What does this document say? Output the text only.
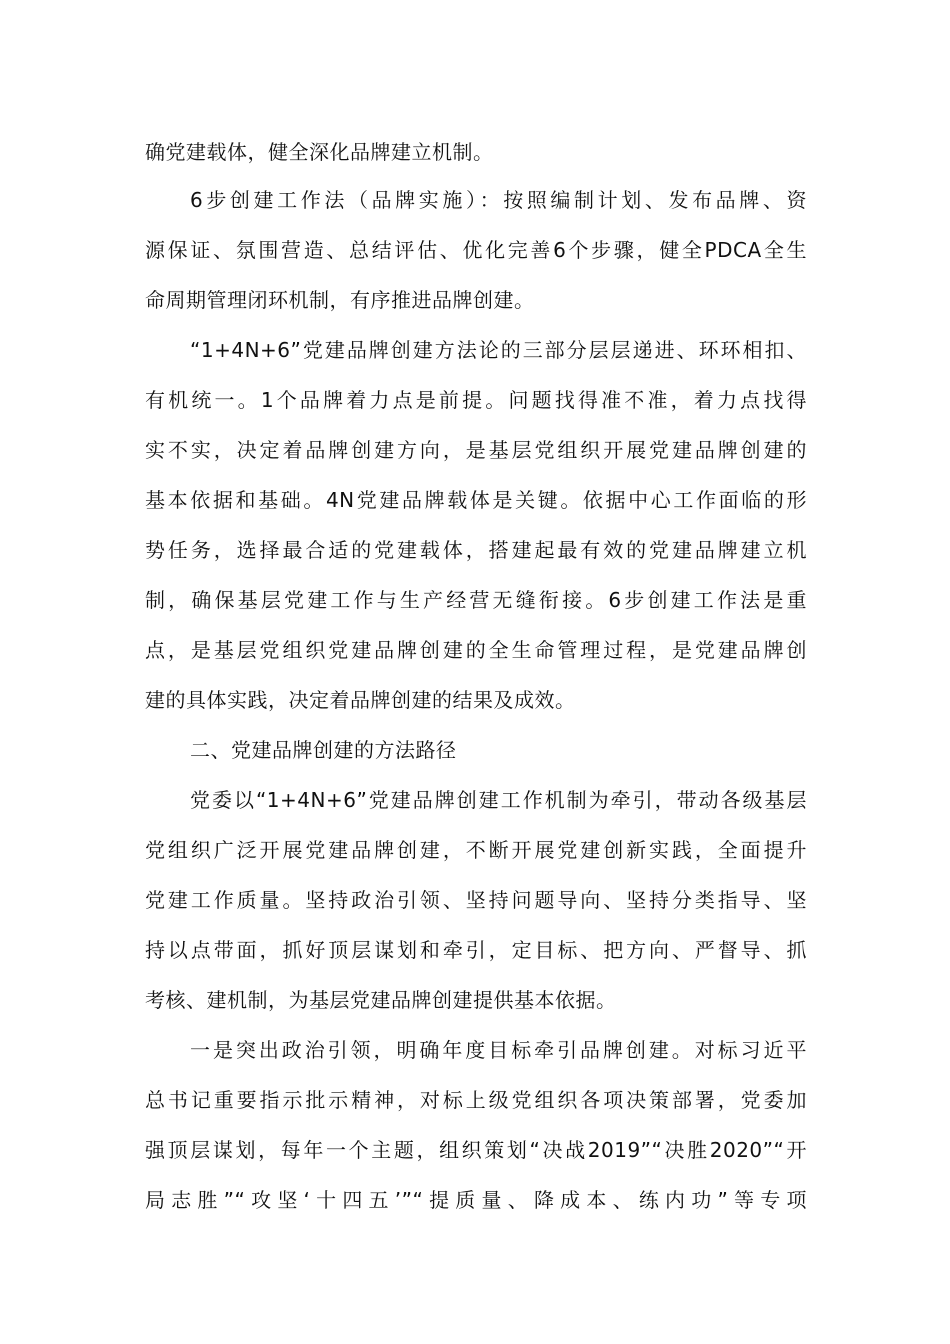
确党建载体，健全深化品牌建立机制。
6步创建工作法（品牌实施）：按照编制计划、发布品牌、资
源保证、氛围营造、总结评估、优化完善6个步骤，健全PDCA全生
命周期管理闭环机制，有序推进品牌创建。
“1+4N+6”党建品牌创建方法论的三部分层层递进、环环相扣、
有机统一。1个品牌着力点是前提。问题找得准不准，着力点找得
实不实，决定着品牌创建方向，是基层党组织开展党建品牌创建的
基本依据和基础。4N党建品牌载体是关键。依据中心工作面临的形
势任务，选择最合适的党建载体，搭建起最有效的党建品牌建立机
制，确保基层党建工作与生产经营无缝衔接。6步创建工作法是重
点，是基层党组织党建品牌创建的全生命管理过程，是党建品牌创
建的具体实践，决定着品牌创建的结果及成效。
二、党建品牌创建的方法路径
党委以“1+4N+6”党建品牌创建工作机制为牵引，带动各级基层
党组织广泛开展党建品牌创建，不断开展党建创新实践，全面提升
党建工作质量。坚持政治引领、坚持问题导向、坚持分类指导、坚
持以点带面，抓好顶层谋划和牵引，定目标、把方向、严督导、抓
考核、建机制，为基层党建品牌创建提供基本依据。
一是突出政治引领，明确年度目标牵引品牌创建。对标习近平
总书记重要指示批示精神，对标上级党组织各项决策部署，党委加
强顶层谋划，每年一个主题，组织策划“决战2019”“决胜2020”“开
局志胜”“攻坚‘十四五’”“提质量、降成本、练内功”等专项
